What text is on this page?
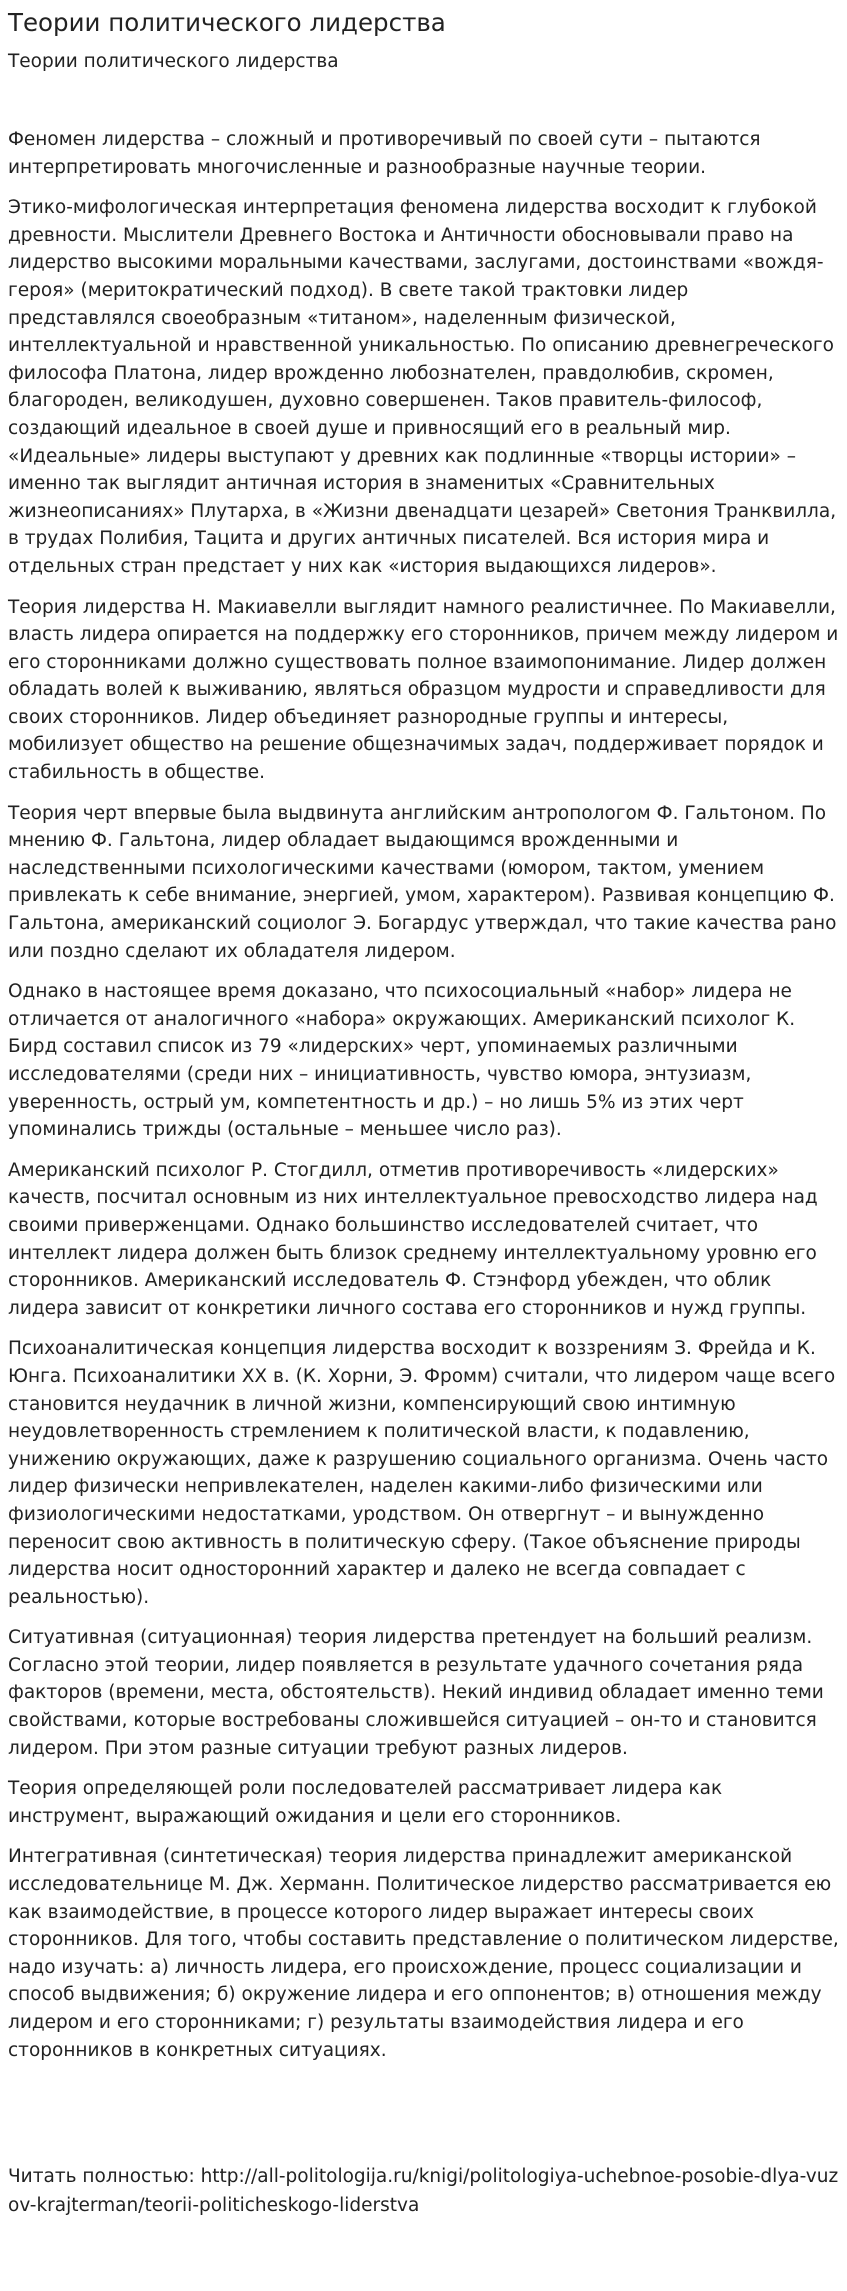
Теории политического лидерства
Теории политического лидерства

Феномен лидерства – сложный и противоречивый по своей сути – пытаются интерпретировать многочисленные и разнообразные научные теории.

Этико-мифологическая интерпретация феномена лидерства восходит к глубокой древности. Мыслители Древнего Востока и Античности обосновывали право на лидерство высокими моральными качествами, заслугами, достоинствами «вождя-героя» (меритократический подход). В свете такой трактовки лидер представлялся своеобразным «титаном», наделенным физической, интеллектуальной и нравственной уникальностью. По описанию древнегреческого философа Платона, лидер врожденно любознателен, правдолюбив, скромен, благороден, великодушен, духовно совершенен. Таков правитель-философ, создающий идеальное в своей душе и привносящий его в реальный мир. «Идеальные» лидеры выступают у древних как подлинные «творцы истории» – именно так выглядит античная история в знаменитых «Сравнительных жизнеописаниях» Плутарха, в «Жизни двенадцати цезарей» Светония Транквилла, в трудах Полибия, Тацита и других античных писателей. Вся история мира и отдельных стран предстает у них как «история выдающихся лидеров».

Теория лидерства Н. Макиавелли выглядит намного реалистичнее. По Макиавелли, власть лидера опирается на поддержку его сторонников, причем между лидером и его сторонниками должно существовать полное взаимопонимание. Лидер должен обладать волей к выживанию, являться образцом мудрости и справедливости для своих сторонников. Лидер объединяет разнородные группы и интересы, мобилизует общество на решение общезначимых задач, поддерживает порядок и стабильность в обществе.

Теория черт впервые была выдвинута английским антропологом Ф. Гальтоном. По мнению Ф. Гальтона, лидер обладает выдающимся врожденными и наследственными психологическими качествами (юмором, тактом, умением привлекать к себе внимание, энергией, умом, характером). Развивая концепцию Ф. Гальтона, американский социолог Э. Богардус утверждал, что такие качества рано или поздно сделают их обладателя лидером.

Однако в настоящее время доказано, что психосоциальный «набор» лидера не отличается от аналогичного «набора» окружающих. Американский психолог К. Бирд составил список из 79 «лидерских» черт, упоминаемых различными исследователями (среди них – инициативность, чувство юмора, энтузиазм, уверенность, острый ум, компетентность и др.) – но лишь 5% из этих черт упоминались трижды (остальные – меньшее число раз).

Американский психолог Р. Стогдилл, отметив противоречивость «лидерских» качеств, посчитал основным из них интеллектуальное превосходство лидера над своими приверженцами. Однако большинство исследователей считает, что интеллект лидера должен быть близок среднему интеллектуальному уровню его сторонников. Американский исследователь Ф. Стэнфорд убежден, что облик лидера зависит от конкретики личного состава его сторонников и нужд группы.

Психоаналитическая концепция лидерства восходит к воззрениям З. Фрейда и К. Юнга. Психоаналитики XX в. (К. Хорни, Э. Фромм) считали, что лидером чаще всего становится неудачник в личной жизни, компенсирующий свою интимную неудовлетворенность стремлением к политической власти, к подавлению, унижению окружающих, даже к разрушению социального организма. Очень часто лидер физически непривлекателен, наделен какими-либо физическими или физиологическими недостатками, уродством. Он отвергнут – и вынужденно переносит свою активность в политическую сферу. (Такое объяснение природы лидерства носит односторонний характер и далеко не всегда совпадает с реальностью).

Ситуативная (ситуационная) теория лидерства претендует на больший реализм. Согласно этой теории, лидер появляется в результате удачного сочетания ряда факторов (времени, места, обстоятельств). Некий индивид обладает именно теми свойствами, которые востребованы сложившейся ситуацией – он-то и становится лидером. При этом разные ситуации требуют разных лидеров.

Теория определяющей роли последователей рассматривает лидера как инструмент, выражающий ожидания и цели его сторонников.

Интегративная (синтетическая) теория лидерства принадлежит американской исследовательнице М. Дж. Херманн. Политическое лидерство рассматривается ею как взаимодействие, в процессе которого лидер выражает интересы своих сторонников. Для того, чтобы составить представление о политическом лидерстве, надо изучать: а) личность лидера, его происхождение, процесс социализации и способ выдвижения; б) окружение лидера и его оппонентов; в) отношения между лидером и его сторонниками; г) результаты взаимодействия лидера и его сторонников в конкретных ситуациях.

Читать полностью: http://all-politologija.ru/knigi/politologiya-uchebnoe-posobie-dlya-vuzov-krajterman/teorii-politicheskogo-liderstva
